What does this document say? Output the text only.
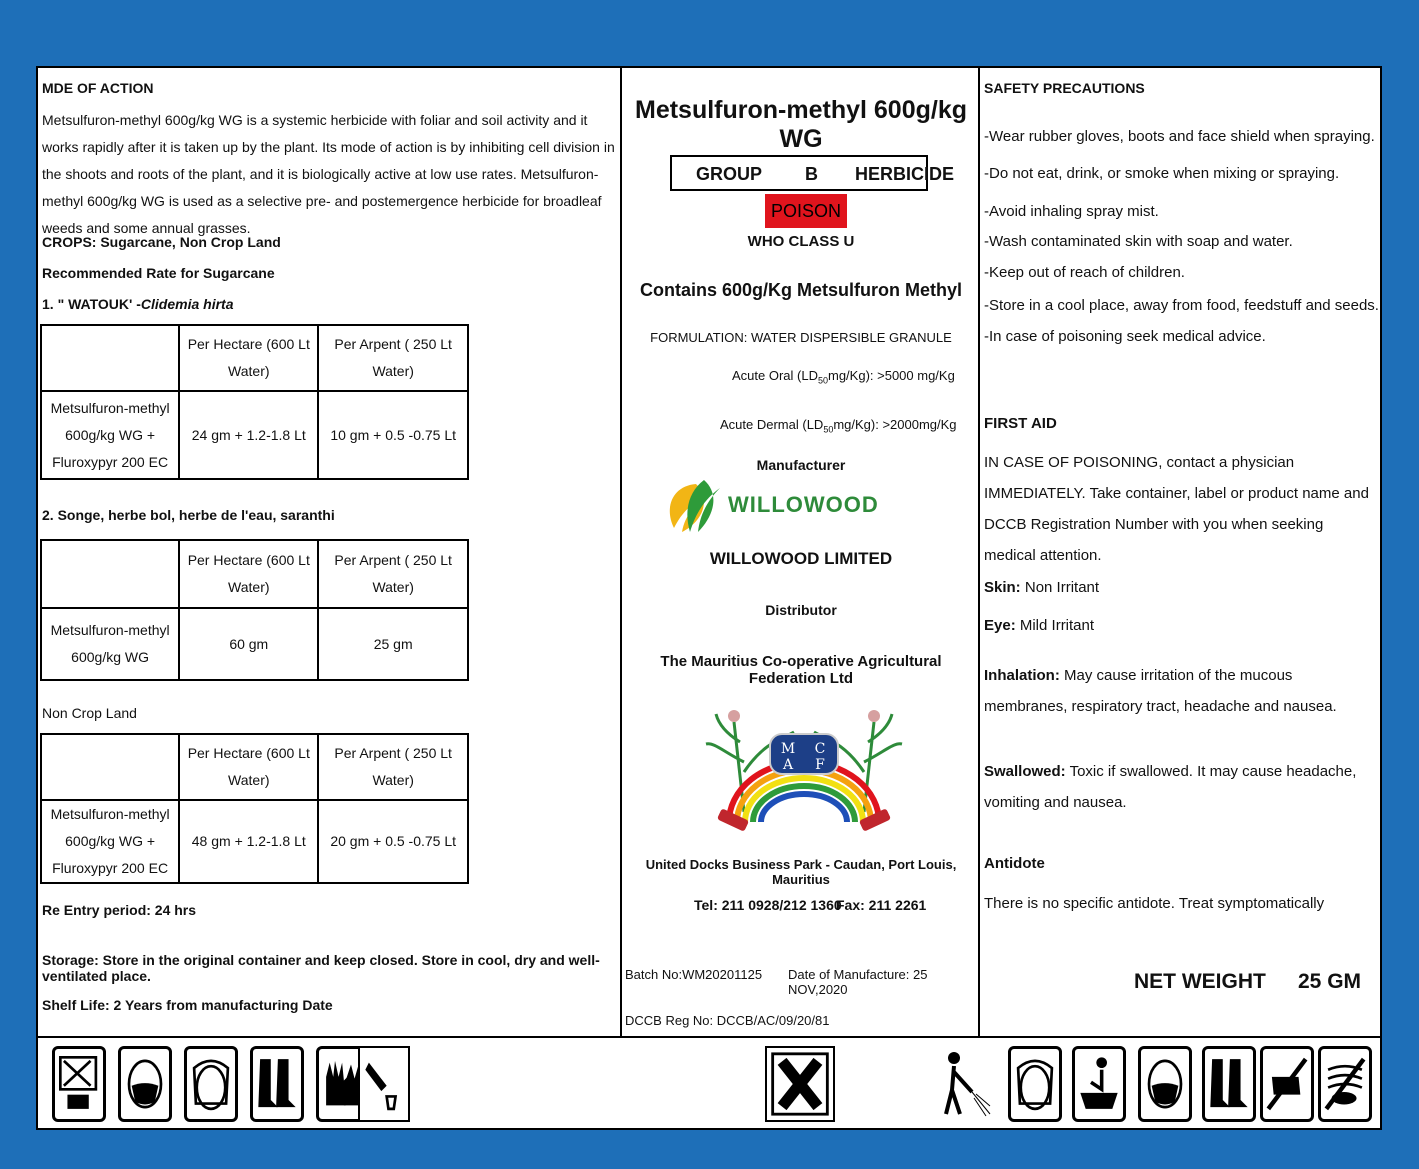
MDE OF ACTION
Metsulfuron-methyl 600g/kg WG is a systemic herbicide with foliar and soil activity and it works rapidly after it is taken up by the plant. Its mode of action is by inhibiting cell division in the shoots and roots of the plant, and it is biologically active at low use rates. Metsulfuron-methyl 600g/kg WG is used as a selective pre- and postemergence herbicide for broadleaf weeds and some annual grasses.
CROPS: Sugarcane, Non Crop Land
Recommended Rate for Sugarcane
1. " WATOUK' -Clidemia hirta
	Per Hectare (600 Lt Water)	Per Arpent ( 250 Lt Water)
Metsulfuron-methyl 600g/kg WG + Fluroxypyr 200 EC	24 gm + 1.2-1.8 Lt	10 gm + 0.5 -0.75 Lt
2. Songe, herbe bol, herbe de l'eau, saranthi
	Per Hectare (600 Lt Water)	Per Arpent ( 250 Lt Water)
Metsulfuron-methyl 600g/kg WG	60 gm	25 gm
Non Crop Land
	Per Hectare (600 Lt Water)	Per Arpent ( 250 Lt Water)
Metsulfuron-methyl 600g/kg WG + Fluroxypyr 200 EC	48 gm + 1.2-1.8 Lt	20 gm + 0.5 -0.75 Lt
Re Entry period: 24 hrs
Storage: Store in the original container and keep closed. Store in cool, dry and well-ventilated place.
Shelf Life: 2 Years from manufacturing Date
Metsulfuron-methyl 600g/kg WG
GROUP B HERBICIDE
POISON
WHO CLASS U
Contains 600g/Kg Metsulfuron Methyl
FORMULATION: WATER DISPERSIBLE GRANULE
Acute Oral $(LD_{50}mg/Kg)$: >5000 mg/Kg
Acute Dermal $(LD_{50}mg/Kg)$: >2000mg/Kg
Manufacturer
WILLOWOOD
WILLOWOOD LIMITED
Distributor
The Mauritius Co-operative Agricultural Federation Ltd
M C
A F
United Docks Business Park - Caudan, Port Louis, Mauritius
Tel: 211 0928/212 1360
Fax: 211 2261
Batch No:WM20201125 Date of Manufacture: 25 NOV,2020
DCCB Reg No: DCCB/AC/09/20/81
SAFETY PRECAUTIONS
-Wear rubber gloves, boots and face shield when spraying.
-Do not eat, drink, or smoke when mixing or spraying.
-Avoid inhaling spray mist.
-Wash contaminated skin with soap and water.
-Keep out of reach of children.
-Store in a cool place, away from food, feedstuff and seeds.
-In case of poisoning seek medical advice.
FIRST AID
IN CASE OF POISONING, contact a physician IMMEDIATELY. Take container, label or product name and DCCB Registration Number with you when seeking medical attention.
Skin: Non Irritant
Eye: Mild Irritant
Inhalation: May cause irritation of the mucous membranes, respiratory tract, headache and nausea.
Swallowed: Toxic if swallowed. It may cause headache, vomiting and nausea.
Antidote
There is no specific antidote. Treat symptomatically
NET WEIGHT 25 GM
